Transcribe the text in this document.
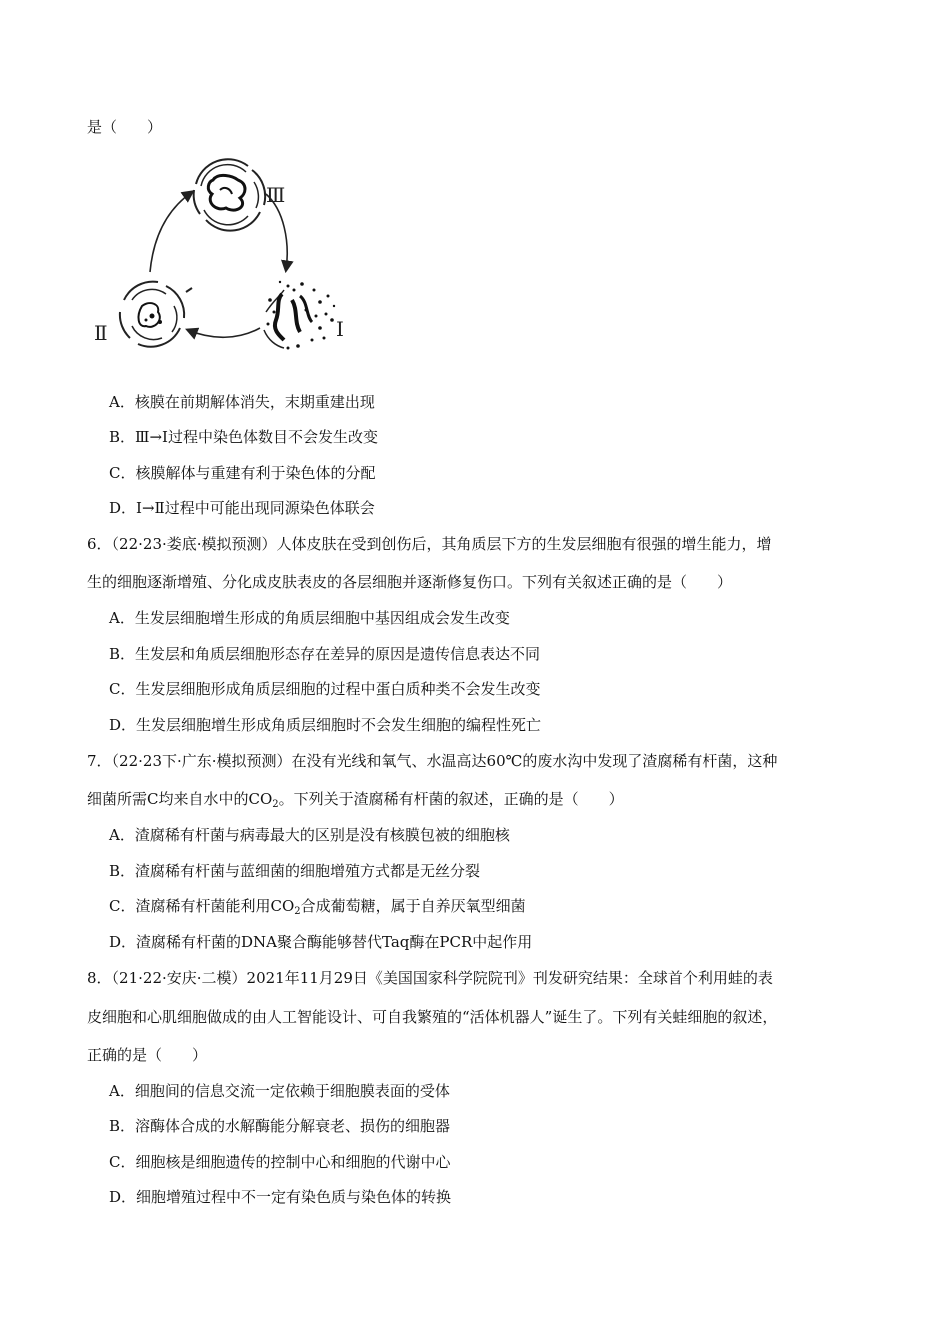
是（　　）
Ⅲ
Ⅱ	Ⅰ
A．核膜在前期解体消失，末期重建出现
B．Ⅲ→Ⅰ过程中染色体数目不会发生改变
C．核膜解体与重建有利于染色体的分配
D．Ⅰ→Ⅱ过程中可能出现同源染色体联会
6．（22·23·娄底·模拟预测）人体皮肤在受到创伤后，其角质层下方的生发层细胞有很强的增生能力，增
生的细胞逐渐增殖、分化成皮肤表皮的各层细胞并逐渐修复伤口。下列有关叙述正确的是（　　）
A．生发层细胞增生形成的角质层细胞中基因组成会发生改变
B．生发层和角质层细胞形态存在差异的原因是遗传信息表达不同
C．生发层细胞形成角质层细胞的过程中蛋白质种类不会发生改变
D．生发层细胞增生形成角质层细胞时不会发生细胞的编程性死亡
7．（22·23下·广东·模拟预测）在没有光线和氧气、水温高达60℃的废水沟中发现了渣腐稀有杆菌，这种
细菌所需C均来自水中的$CO_2$。下列关于渣腐稀有杆菌的叙述，正确的是（　　）
A．渣腐稀有杆菌与病毒最大的区别是没有核膜包被的细胞核
B．渣腐稀有杆菌与蓝细菌的细胞增殖方式都是无丝分裂
C．渣腐稀有杆菌能利用$CO_2$合成葡萄糖，属于自养厌氧型细菌
D．渣腐稀有杆菌的DNA聚合酶能够替代Taq酶在PCR中起作用
8．（21·22·安庆·二模）2021年11月29日《美国国家科学院院刊》刊发研究结果：全球首个利用蛙的表
皮细胞和心肌细胞做成的由人工智能设计、可自我繁殖的“活体机器人”诞生了。下列有关蛙细胞的叙述，
正确的是（　　）
A．细胞间的信息交流一定依赖于细胞膜表面的受体
B．溶酶体合成的水解酶能分解衰老、损伤的细胞器
C．细胞核是细胞遗传的控制中心和细胞的代谢中心
D．细胞增殖过程中不一定有染色质与染色体的转换
